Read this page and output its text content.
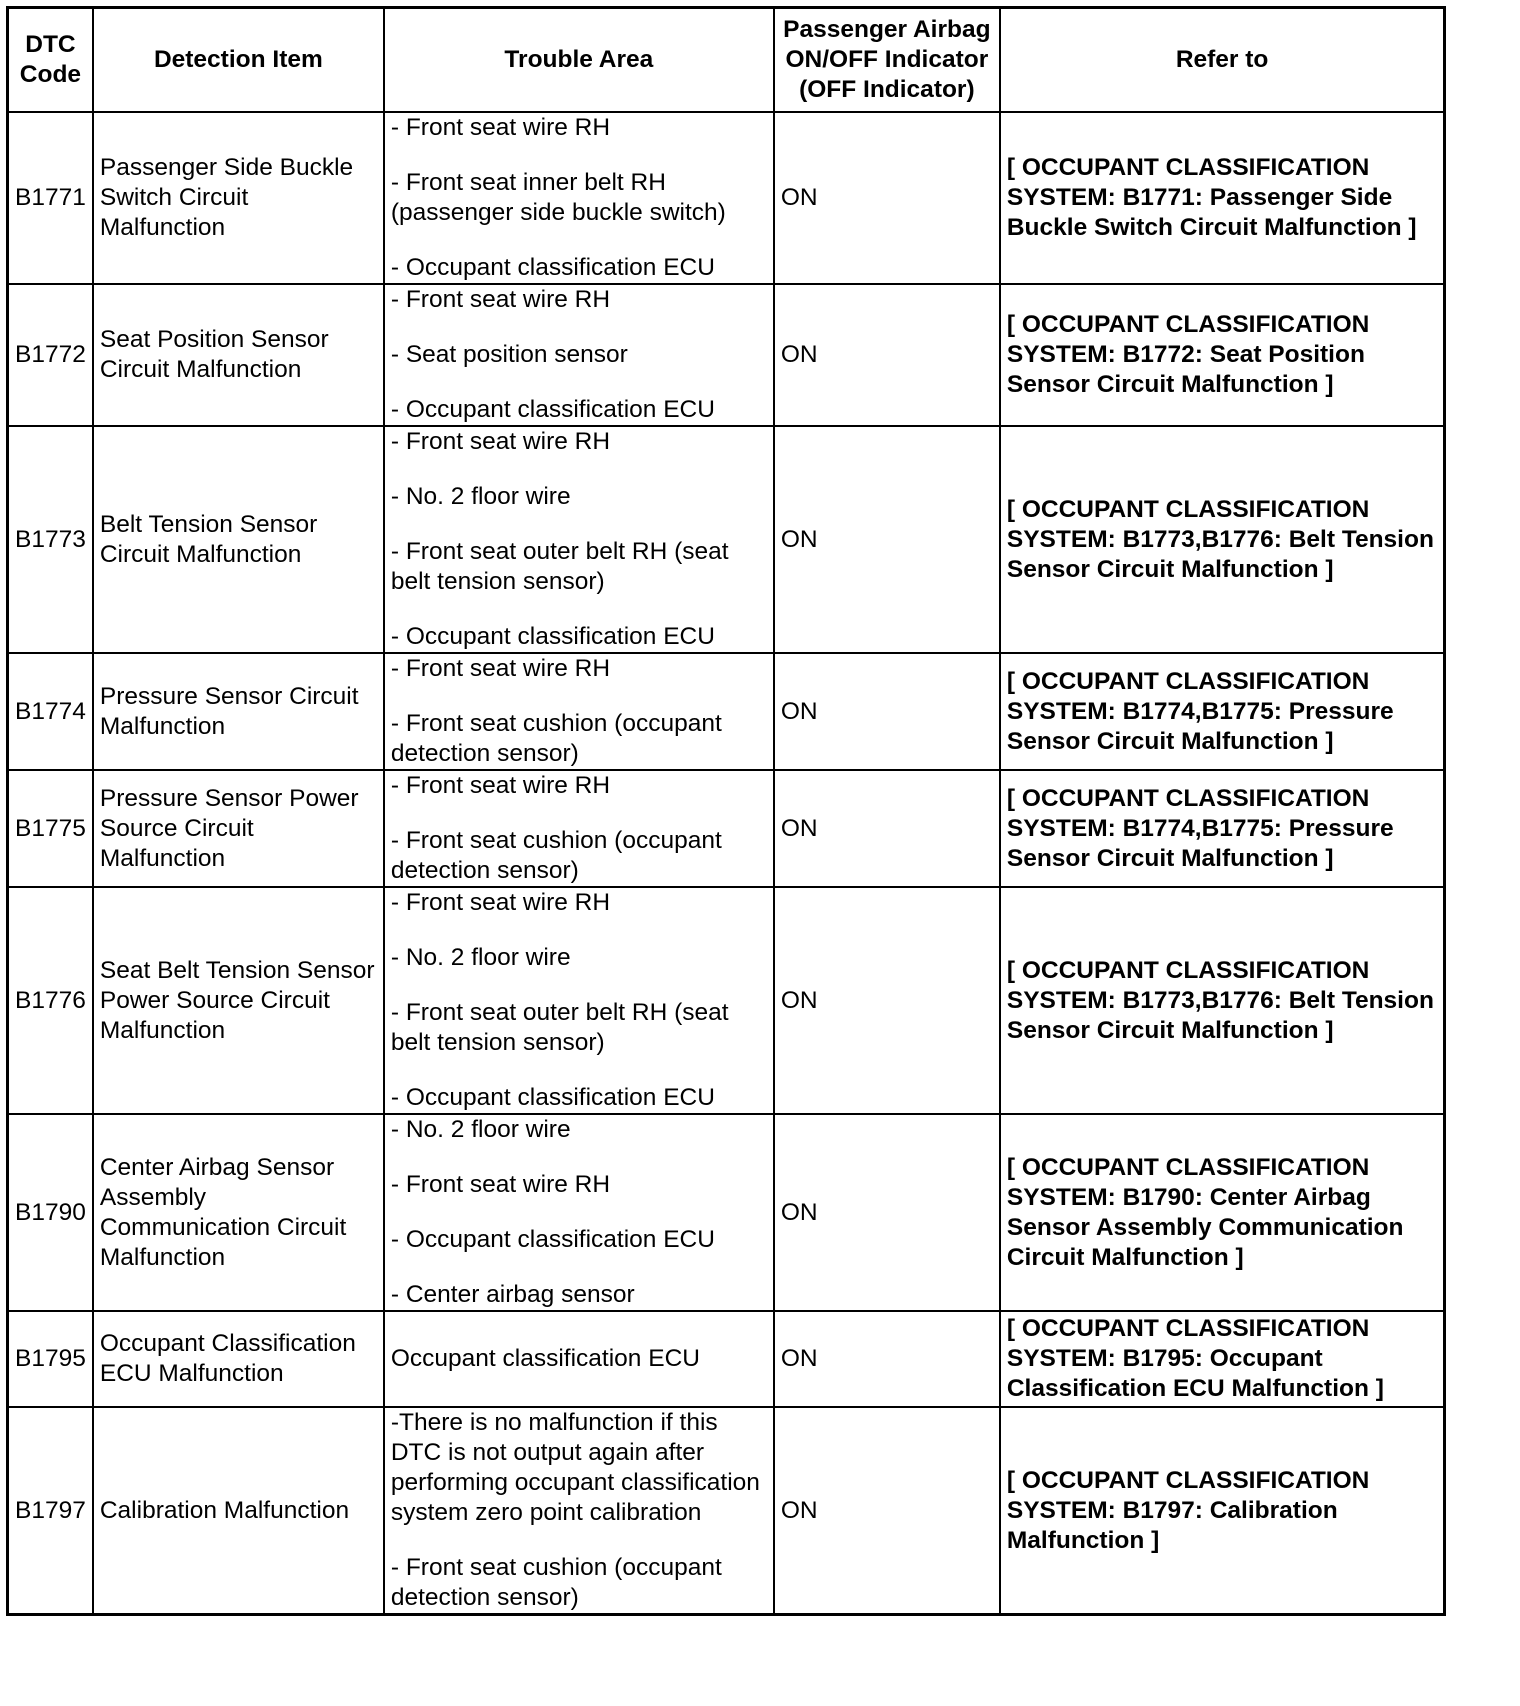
DTC Code	Detection Item	Trouble Area	Passenger Airbag ON/OFF Indicator (OFF Indicator)	Refer to
B1771	Passenger Side Buckle Switch Circuit Malfunction	- Front seat wire RH
- Front seat inner belt RH (passenger side buckle switch)
- Occupant classification ECU	ON	[ OCCUPANT CLASSIFICATION SYSTEM: B1771: Passenger Side Buckle Switch Circuit Malfunction ]
B1772	Seat Position Sensor Circuit Malfunction	- Front seat wire RH
- Seat position sensor
- Occupant classification ECU	ON	[ OCCUPANT CLASSIFICATION SYSTEM: B1772: Seat Position Sensor Circuit Malfunction ]
B1773	Belt Tension Sensor Circuit Malfunction	- Front seat wire RH
- No. 2 floor wire
- Front seat outer belt RH (seat belt tension sensor)
- Occupant classification ECU	ON	[ OCCUPANT CLASSIFICATION SYSTEM: B1773,B1776: Belt Tension Sensor Circuit Malfunction ]
B1774	Pressure Sensor Circuit Malfunction	- Front seat wire RH
- Front seat cushion (occupant detection sensor)	ON	[ OCCUPANT CLASSIFICATION SYSTEM: B1774,B1775: Pressure Sensor Circuit Malfunction ]
B1775	Pressure Sensor Power Source Circuit Malfunction	- Front seat wire RH
- Front seat cushion (occupant detection sensor)	ON	[ OCCUPANT CLASSIFICATION SYSTEM: B1774,B1775: Pressure Sensor Circuit Malfunction ]
B1776	Seat Belt Tension Sensor Power Source Circuit Malfunction	- Front seat wire RH
- No. 2 floor wire
- Front seat outer belt RH (seat belt tension sensor)
- Occupant classification ECU	ON	[ OCCUPANT CLASSIFICATION SYSTEM: B1773,B1776: Belt Tension Sensor Circuit Malfunction ]
B1790	Center Airbag Sensor Assembly Communication Circuit Malfunction	- No. 2 floor wire
- Front seat wire RH
- Occupant classification ECU
- Center airbag sensor	ON	[ OCCUPANT CLASSIFICATION SYSTEM: B1790: Center Airbag Sensor Assembly Communication Circuit Malfunction ]
B1795	Occupant Classification ECU Malfunction	Occupant classification ECU	ON	[ OCCUPANT CLASSIFICATION SYSTEM: B1795: Occupant Classification ECU Malfunction ]
B1797	Calibration Malfunction	-There is no malfunction if this DTC is not output again after performing occupant classification system zero point calibration
- Front seat cushion (occupant detection sensor)	ON	[ OCCUPANT CLASSIFICATION SYSTEM: B1797: Calibration Malfunction ]
